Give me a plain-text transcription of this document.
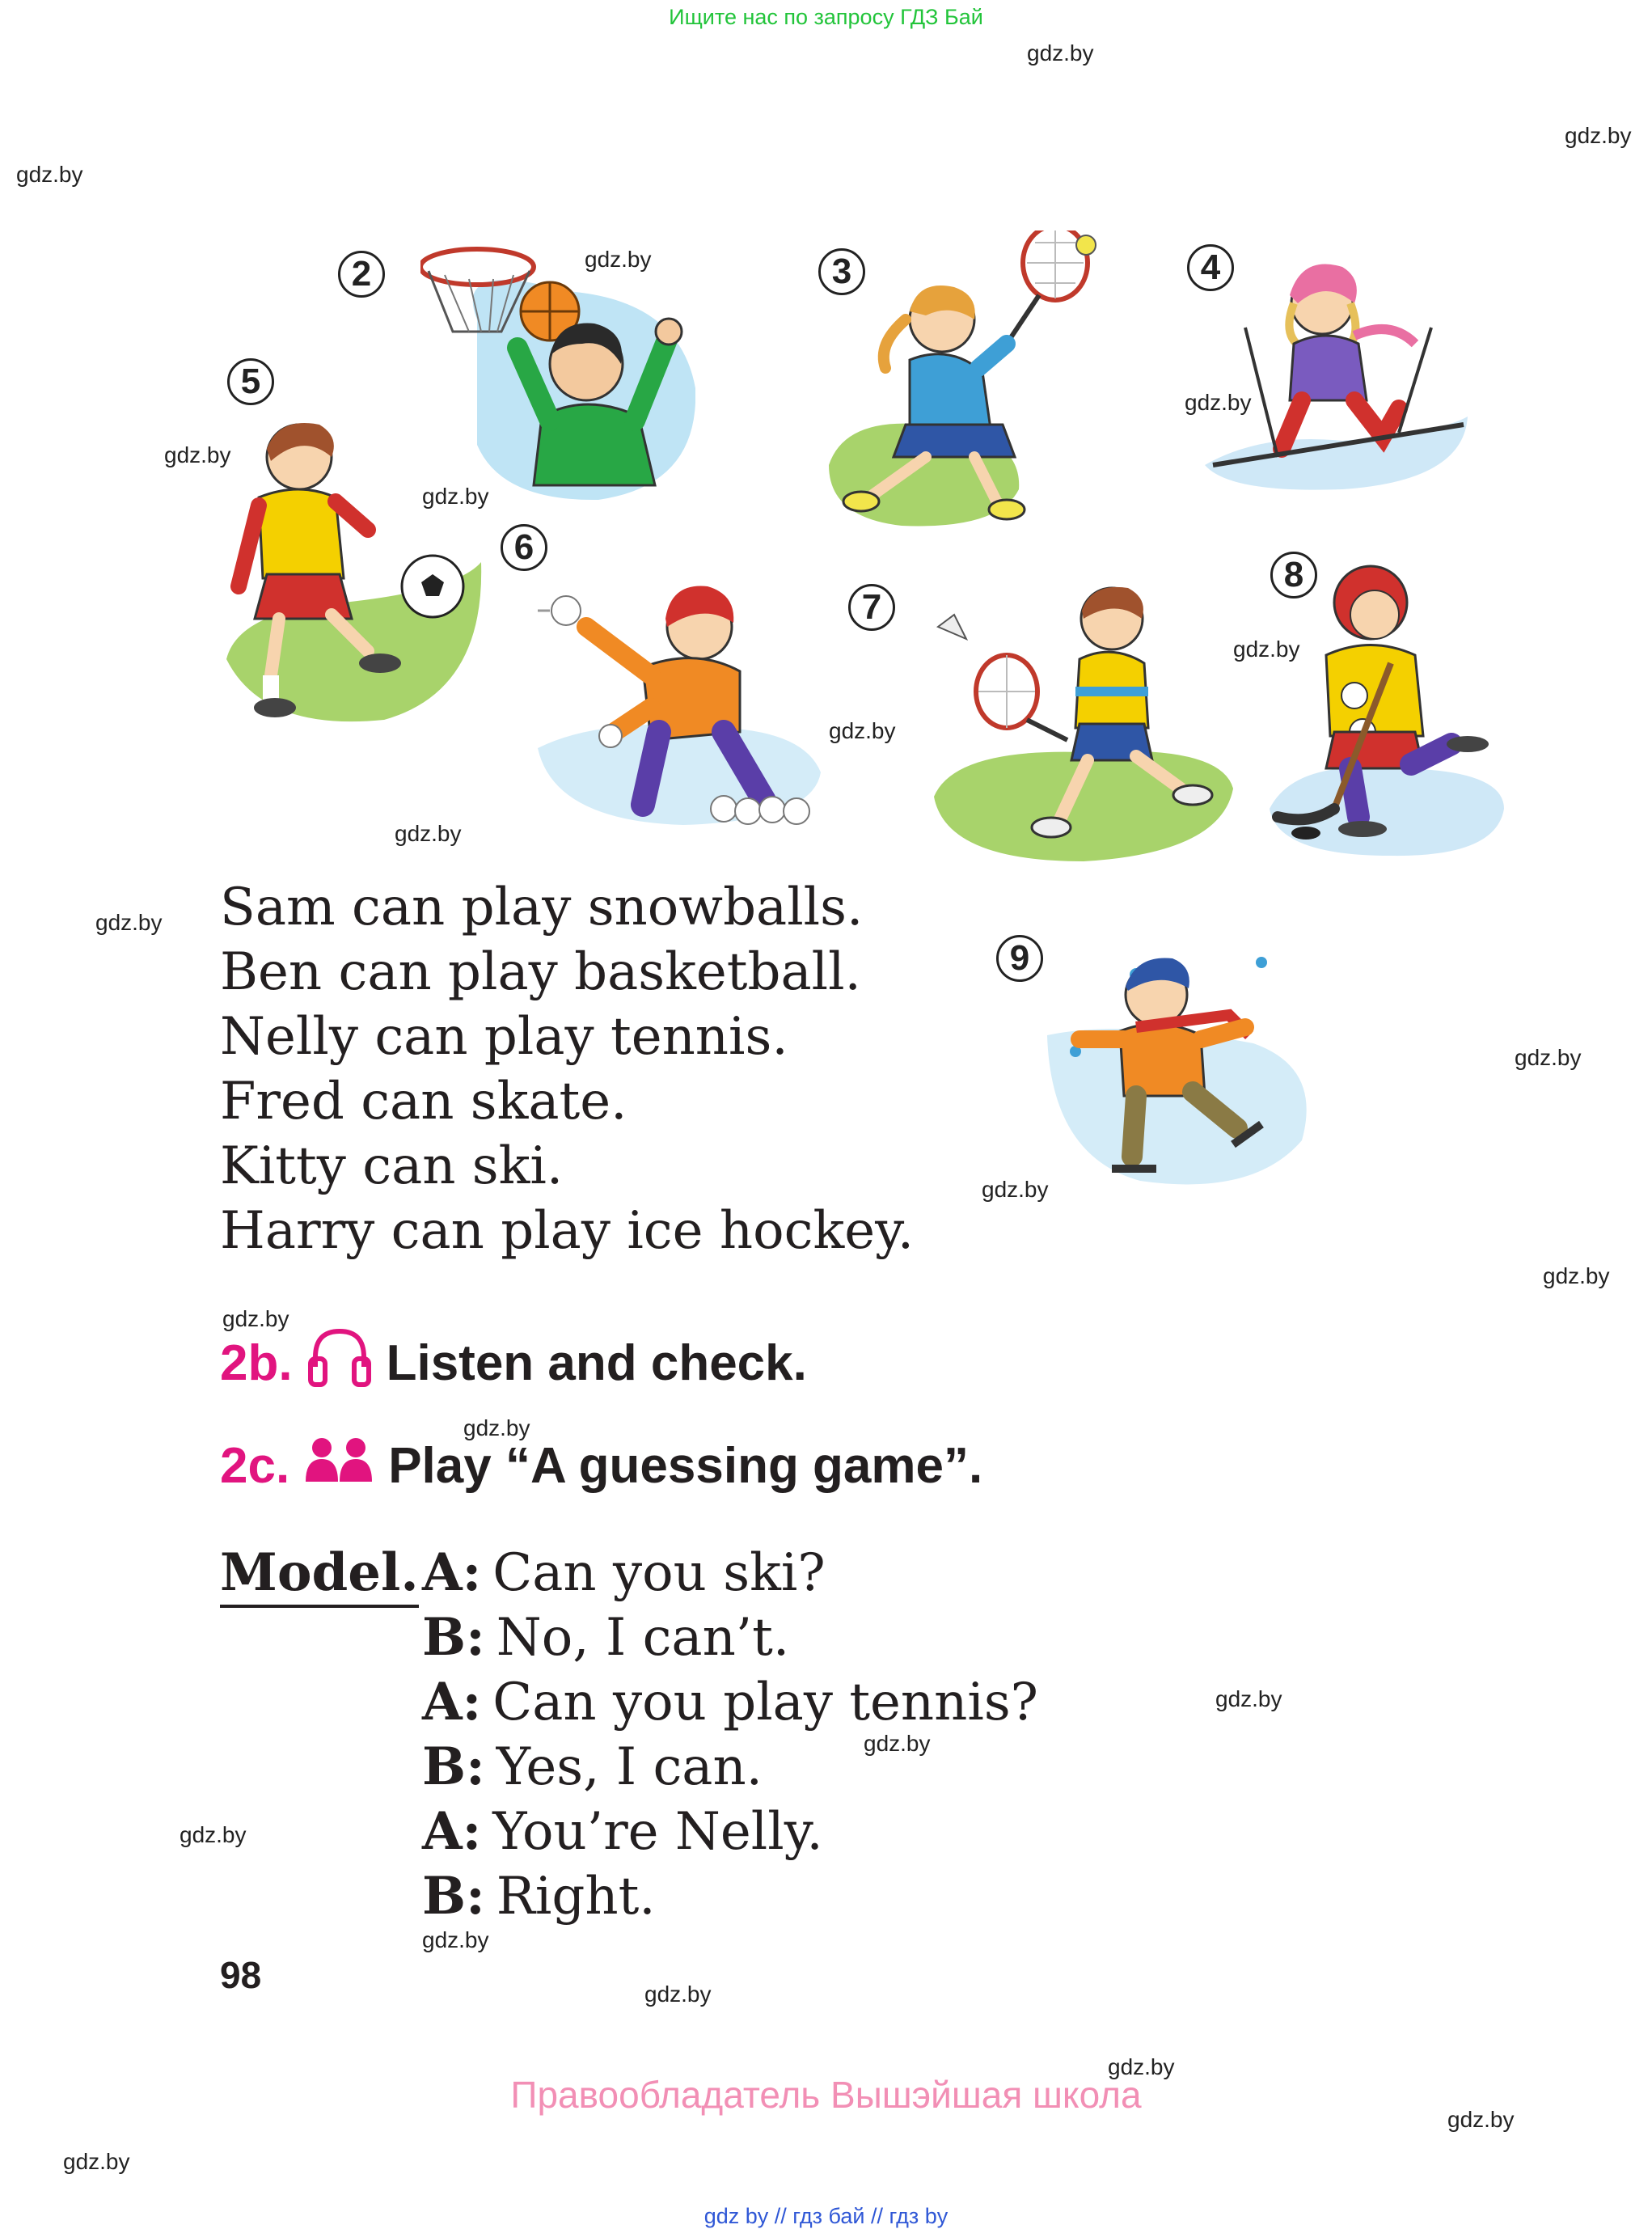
Ищите нас по запросу ГДЗ Бай
gdz.by
gdz.by
gdz.by
gdz.by
gdz.by
gdz.by
gdz.by
gdz.by
gdz.by
gdz.by
gdz.by
gdz.by
gdz.by
gdz.by
gdz.by
gdz.by
gdz.by
gdz.by
gdz.by
gdz.by
gdz.by
gdz.by
gdz.by
gdz.by
2	3	4
5
6
7
8
9
Sam can play snowballs.
Ben can play basketball.
Nelly can play tennis.
Fred can skate.
Kitty can ski.
Harry can play ice hockey.
2b. Listen and check.
2c. Play “A guessing game”.
Model. A: Can you ski?
B: No, I can’t.
A: Can you play tennis?
B: Yes, I can.
A: You’re Nelly.
B: Right.
98
Правообладатель Вышэйшая школа
gdz by // гдз бай // гдз by
